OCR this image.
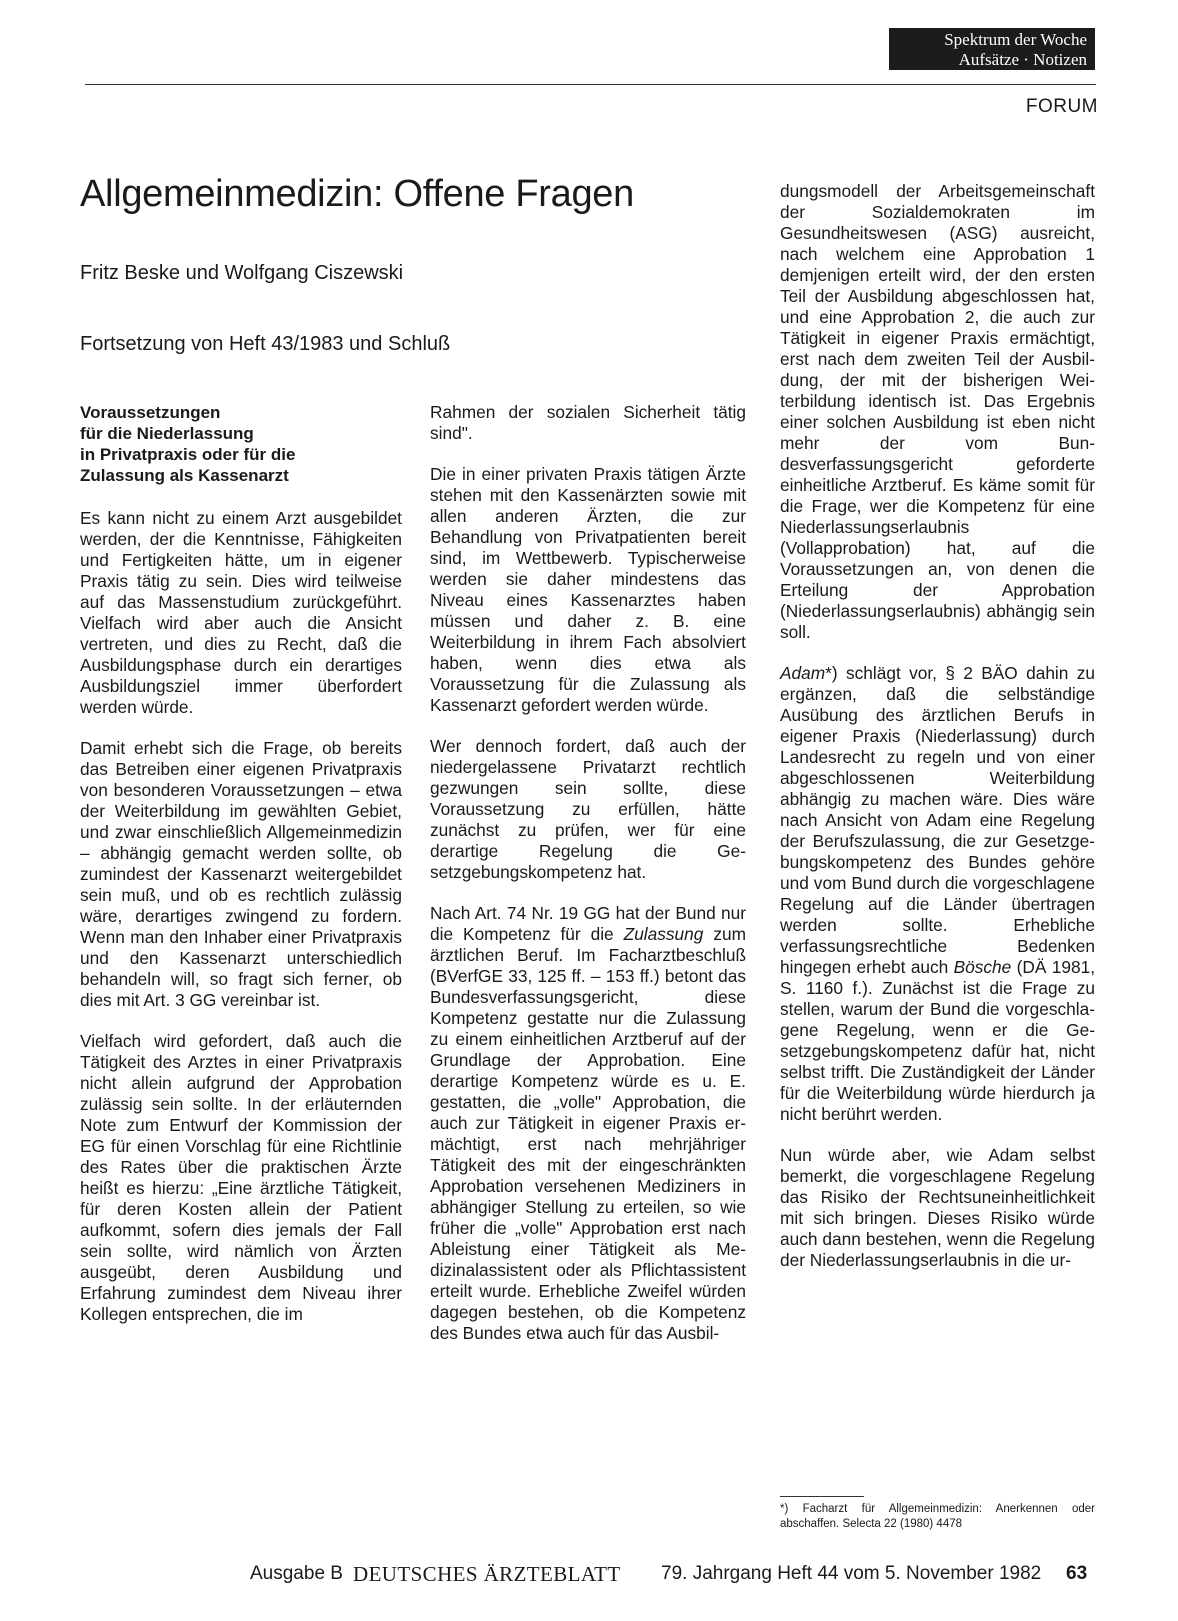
Spektrum der Woche
Aufsätze · Notizen
FORUM
Allgemeinmedizin: Offene Fragen
Fritz Beske und Wolfgang Ciszewski
Fortsetzung von Heft 43/1983 und Schluß
Voraussetzungen
für die Niederlassung
in Privatpraxis oder für die
Zulassung als Kassenarzt

Es kann nicht zu einem Arzt ausgebildet werden, der die Kenntnisse, Fähigkeiten und Fertigkeiten hätte, um in eigener Praxis tätig zu sein. Dies wird teilweise auf das Massenstudium zurückgeführt. Vielfach wird aber auch die Ansicht vertreten, und dies zu Recht, daß die Ausbildungsphase durch ein derartiges Ausbildungsziel immer überfordert werden würde.

Damit erhebt sich die Frage, ob bereits das Betreiben einer eigenen Privatpraxis von besonderen Voraussetzungen – etwa der Weiterbildung im gewählten Gebiet, und zwar einschließlich Allgemeinmedizin – abhängig gemacht werden sollte, ob zumindest der Kassenarzt weitergebildet sein muß, und ob es rechtlich zulässig wäre, derartiges zwingend zu fordern. Wenn man den Inhaber einer Privatpraxis und den Kassenarzt unterschiedlich behandeln will, so fragt sich ferner, ob dies mit Art. 3 GG vereinbar ist.

Vielfach wird gefordert, daß auch die Tätigkeit des Arztes in einer Privatpraxis nicht allein aufgrund der Approbation zulässig sein sollte. In der erläuternden Note zum Entwurf der Kommission der EG für einen Vorschlag für eine Richtlinie des Rates über die praktischen Ärzte heißt es hierzu: „Eine ärztliche Tätigkeit, für deren Kosten allein der Patient aufkommt, sofern dies jemals der Fall sein sollte, wird nämlich von Ärzten ausgeübt, deren Ausbildung und Erfahrung zumindest dem Niveau ihrer Kollegen entsprechen, die im

Rahmen der sozialen Sicherheit tätig sind".

Die in einer privaten Praxis tätigen Ärzte stehen mit den Kassenärzten sowie mit allen anderen Ärzten, die zur Behandlung von Privatpatienten bereit sind, im Wettbewerb. Typischerweise werden sie daher mindestens das Niveau eines Kassenarztes haben müssen und daher z. B. eine Weiterbildung in ihrem Fach absolviert haben, wenn dies etwa als Voraussetzung für die Zulassung als Kassenarzt gefordert werden würde.

Wer dennoch fordert, daß auch der niedergelassene Privatarzt rechtlich gezwungen sein sollte, diese Voraussetzung zu erfüllen, hätte zunächst zu prüfen, wer für eine derartige Regelung die Gesetzgebungskompetenz hat.

Nach Art. 74 Nr. 19 GG hat der Bund nur die Kompetenz für die Zulassung zum ärztlichen Beruf. Im Facharztbeschluß (BVerfGE 33, 125 ff. – 153 ff.) betont das Bundesverfassungsgericht, diese Kompetenz gestatte nur die Zulassung zu einem einheitlichen Arztberuf auf der Grundlage der Approbation. Eine derartige Kompetenz würde es u. E. gestatten, die „volle" Approbation, die auch zur Tätigkeit in eigener Praxis ermächtigt, erst nach mehrjähriger Tätigkeit des mit der eingeschränkten Approbation versehenen Mediziners in abhängiger Stellung zu erteilen, so wie früher die „volle" Approbation erst nach Ableistung einer Tätigkeit als Medizinalassistent oder als Pflichtassistent erteilt wurde. Erhebliche Zweifel würden dagegen bestehen, ob die Kompetenz des Bundes etwa auch für das Ausbil-

dungsmodell der Arbeitsgemeinschaft der Sozialdemokraten im Gesundheitswesen (ASG) ausreicht, nach welchem eine Approbation 1 demjenigen erteilt wird, der den ersten Teil der Ausbildung abgeschlossen hat, und eine Approbation 2, die auch zur Tätigkeit in eigener Praxis ermächtigt, erst nach dem zweiten Teil der Ausbildung, der mit der bisherigen Weiterbildung identisch ist. Das Ergebnis einer solchen Ausbildung ist eben nicht mehr der vom Bundesverfassungsgericht geforderte einheitliche Arztberuf. Es käme somit für die Frage, wer die Kompetenz für eine Niederlassungserlaubnis (Vollapprobation) hat, auf die Voraussetzungen an, von denen die Erteilung der Approbation (Niederlassungserlaubnis) abhängig sein soll.

Adam*) schlägt vor, § 2 BÄO dahin zu ergänzen, daß die selbständige Ausübung des ärztlichen Berufs in eigener Praxis (Niederlassung) durch Landesrecht zu regeln und von einer abgeschlossenen Weiterbildung abhängig zu machen wäre. Dies wäre nach Ansicht von Adam eine Regelung der Berufszulassung, die zur Gesetzgebungskompetenz des Bundes gehöre und vom Bund durch die vorgeschlagene Regelung auf die Länder übertragen werden sollte. Erhebliche verfassungsrechtliche Bedenken hingegen erhebt auch Bösche (DÄ 1981, S. 1160 f.). Zunächst ist die Frage zu stellen, warum der Bund die vorgeschlagene Regelung, wenn er die Gesetzgebungskompetenz dafür hat, nicht selbst trifft. Die Zuständigkeit der Länder für die Weiterbildung würde hierdurch ja nicht berührt werden.

Nun würde aber, wie Adam selbst bemerkt, die vorgeschlagene Regelung das Risiko der Rechtsuneinheitlichkeit mit sich bringen. Dieses Risiko würde auch dann bestehen, wenn die Regelung der Niederlassungserlaubnis in die ur-

*) Facharzt für Allgemeinmedizin: Anerkennen oder abschaffen. Selecta 22 (1980) 4478
Ausgabe B DEUTSCHES ÄRZTEBLATT 79. Jahrgang Heft 44 vom 5. November 1982 63
